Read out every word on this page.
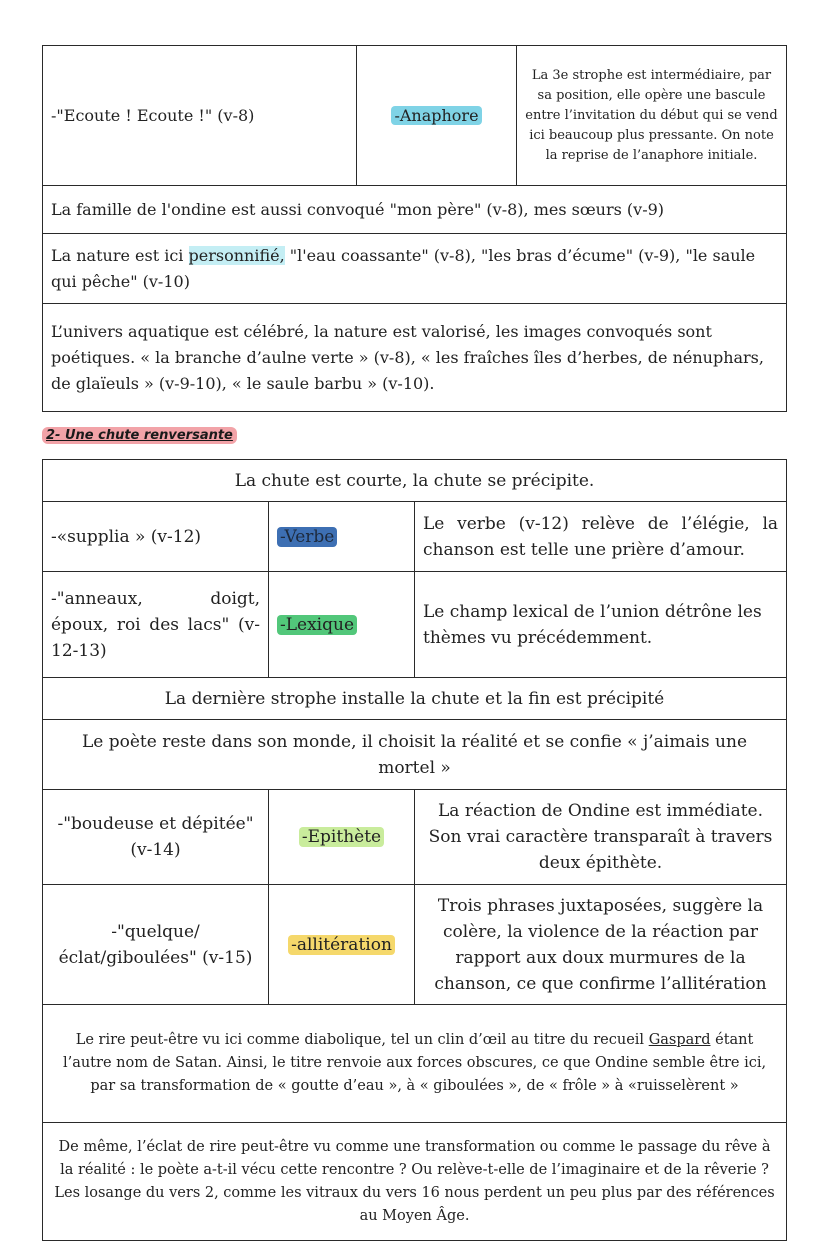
-"Ecoute ! Ecoute !" (v-8)	-Anaphore	La 3e strophe est intermédiaire, par sa position, elle opère une bascule entre l’invitation du début qui se vend ici beaucoup plus pressante. On note la reprise de l’anaphore initiale.
La famille de l'ondine est aussi convoqué "mon père" (v-8), mes sœurs (v-9)
La nature est ici personnifié, "l'eau coassante" (v-8), "les bras d’écume" (v-9), "le saule qui pêche" (v-10)
L’univers aquatique est célébré, la nature est valorisé, les images convoqués sont poétiques. « la branche d’aulne verte » (v-8), « les fraîches îles d’herbes, de nénuphars, de glaïeuls » (v-9-10), « le saule barbu » (v-10).
2- Une chute renversante
La chute est courte, la chute se précipite.		
-«supplia » (v-12)	-Verbe	Le verbe (v-12) relève de l’élégie, la chanson est telle une prière d’amour.
-"anneaux, doigt, époux, roi des lacs" (v-12-13)	-Lexique	Le champ lexical de l’union détrône les thèmes vu précédemment.
La dernière strophe installe la chute et la fin est précipité		
Le poète reste dans son monde, il choisit la réalité et se confie « j’aimais une mortel »		
-"boudeuse et dépitée" (v-14)	-Epithète	La réaction de Ondine est immédiate. Son vrai caractère transparaît à travers deux épithète.
-"quelque/ éclat/giboulées" (v-15)	-allitération	Trois phrases juxtaposées, suggère la colère, la violence de la réaction par rapport aux doux murmures de la chanson, ce que confirme l’allitération
Le rire peut-être vu ici comme diabolique, tel un clin d’œil au titre du recueil Gaspard étant l’autre nom de Satan. Ainsi, le titre renvoie aux forces obscures, ce que Ondine semble être ici, par sa transformation de « goutte d’eau », à « giboulées », de « frôle » à «ruisselèrent »		
De même, l’éclat de rire peut-être vu comme une transformation ou comme le passage du rêve à la réalité : le poète a-t-il vécu cette rencontre ? Ou relève-t-elle de l’imaginaire et de la rêverie ? Les losange du vers 2, comme les vitraux du vers 16 nous perdent un peu plus par des références au Moyen Âge.		
